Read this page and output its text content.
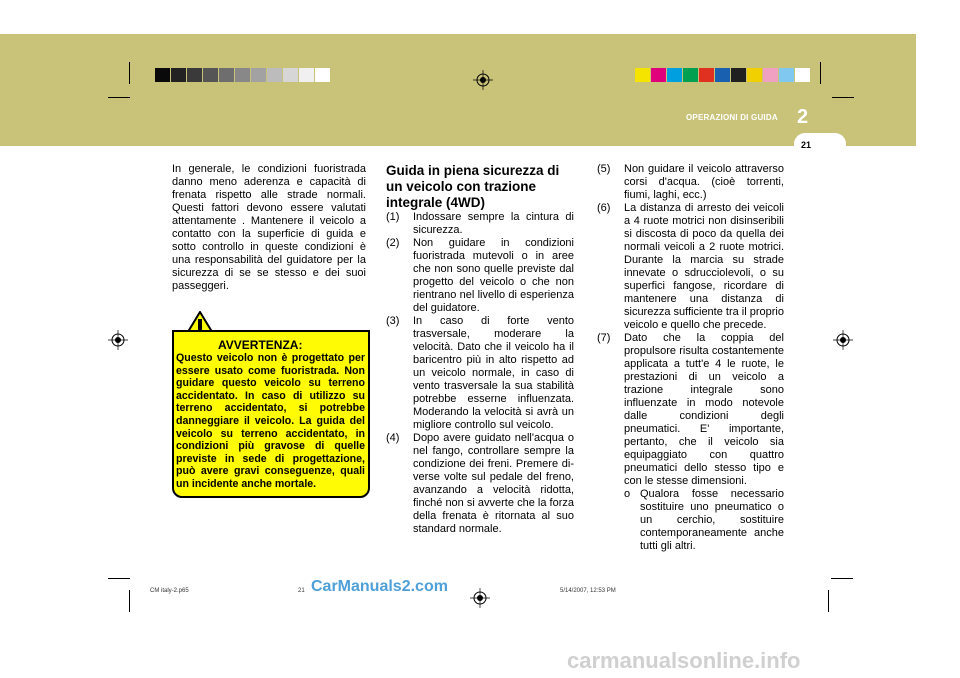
OPERAZIONI DI GUIDA 2
21

In generale, le condizioni fuoristrada danno meno aderenza e capacità di frenata rispetto alle strade normali. Questi fattori devono essere valutati attentamente . Mantenere il veicolo a contatto con la superficie di guida e sotto controllo in queste condizioni è una responsabilità del guidatore per la sicurezza di se se stesso e dei suoi passeggeri.

AVVERTENZA:
Questo veicolo non è progettato per essere usato come fuoristrada. Non guidare questo veicolo su terreno accidentato. In caso di utilizzo su terreno accidentato, si potrebbe danneggiare il veicolo. La guida del veicolo su terreno accidentato, in condizioni più gravose di quelle previste in sede di progettazione, può avere gravi conseguenze, quali un incidente anche mortale.

Guida in piena sicurezza di un veicolo con trazione integrale (4WD)

(1) Indossare sempre la cintura di sicurezza.
(2) Non guidare in condizioni fuoristrada mutevoli o in aree che non sono quelle previste dal progetto del veicolo o che non rientrano nel livello di esperienza del guidatore.
(3) In caso di forte vento trasversale, moderare la velocità. Dato che il veicolo ha il baricentro più in alto rispetto ad un veicolo normale, in caso di vento trasversale la sua stabilità potrebbe esserne influenzata. Moderando la velocità si avrà un migliore controllo sul veicolo.
(4) Dopo avere guidato nell'acqua o nel fango, controllare sempre la condizione dei freni. Premere di-verse volte sul pedale del freno, avanzando a velocità ridotta, finché non si avverte che la forza della frenata è ritornata al suo standard normale.
(5) Non guidare il veicolo attraverso corsi d'acqua. (cioè torrenti, fiumi, laghi, ecc.)
(6) La distanza di arresto dei veicoli a 4 ruote motrici non disinseribili si discosta di poco da quella dei normali veicoli a 2 ruote motrici. Durante la marcia su strade innevate o sdrucciolevoli, o su superfici fangose, ricordare di mantenere una distanza di sicurezza sufficiente tra il proprio veicolo e quello che precede.
(7) Dato che la coppia del propulsore risulta costantemente applicata a tutt'e 4 le ruote, le prestazioni di un veicolo a trazione integrale sono influenzate in modo notevole dalle condizioni degli pneumatici. E' importante, pertanto, che il veicolo sia equipaggiato con quattro pneumatici dello stesso tipo e con le stesse dimensioni.
o Qualora fosse necessario sostituire uno pneumatico o un cerchio, sostituire contemporaneamente anche tutti gli altri.
CM italy-2.p65	21	5/14/2007, 12:53 PM
CarManuals2.com
carmanualsonline.info
